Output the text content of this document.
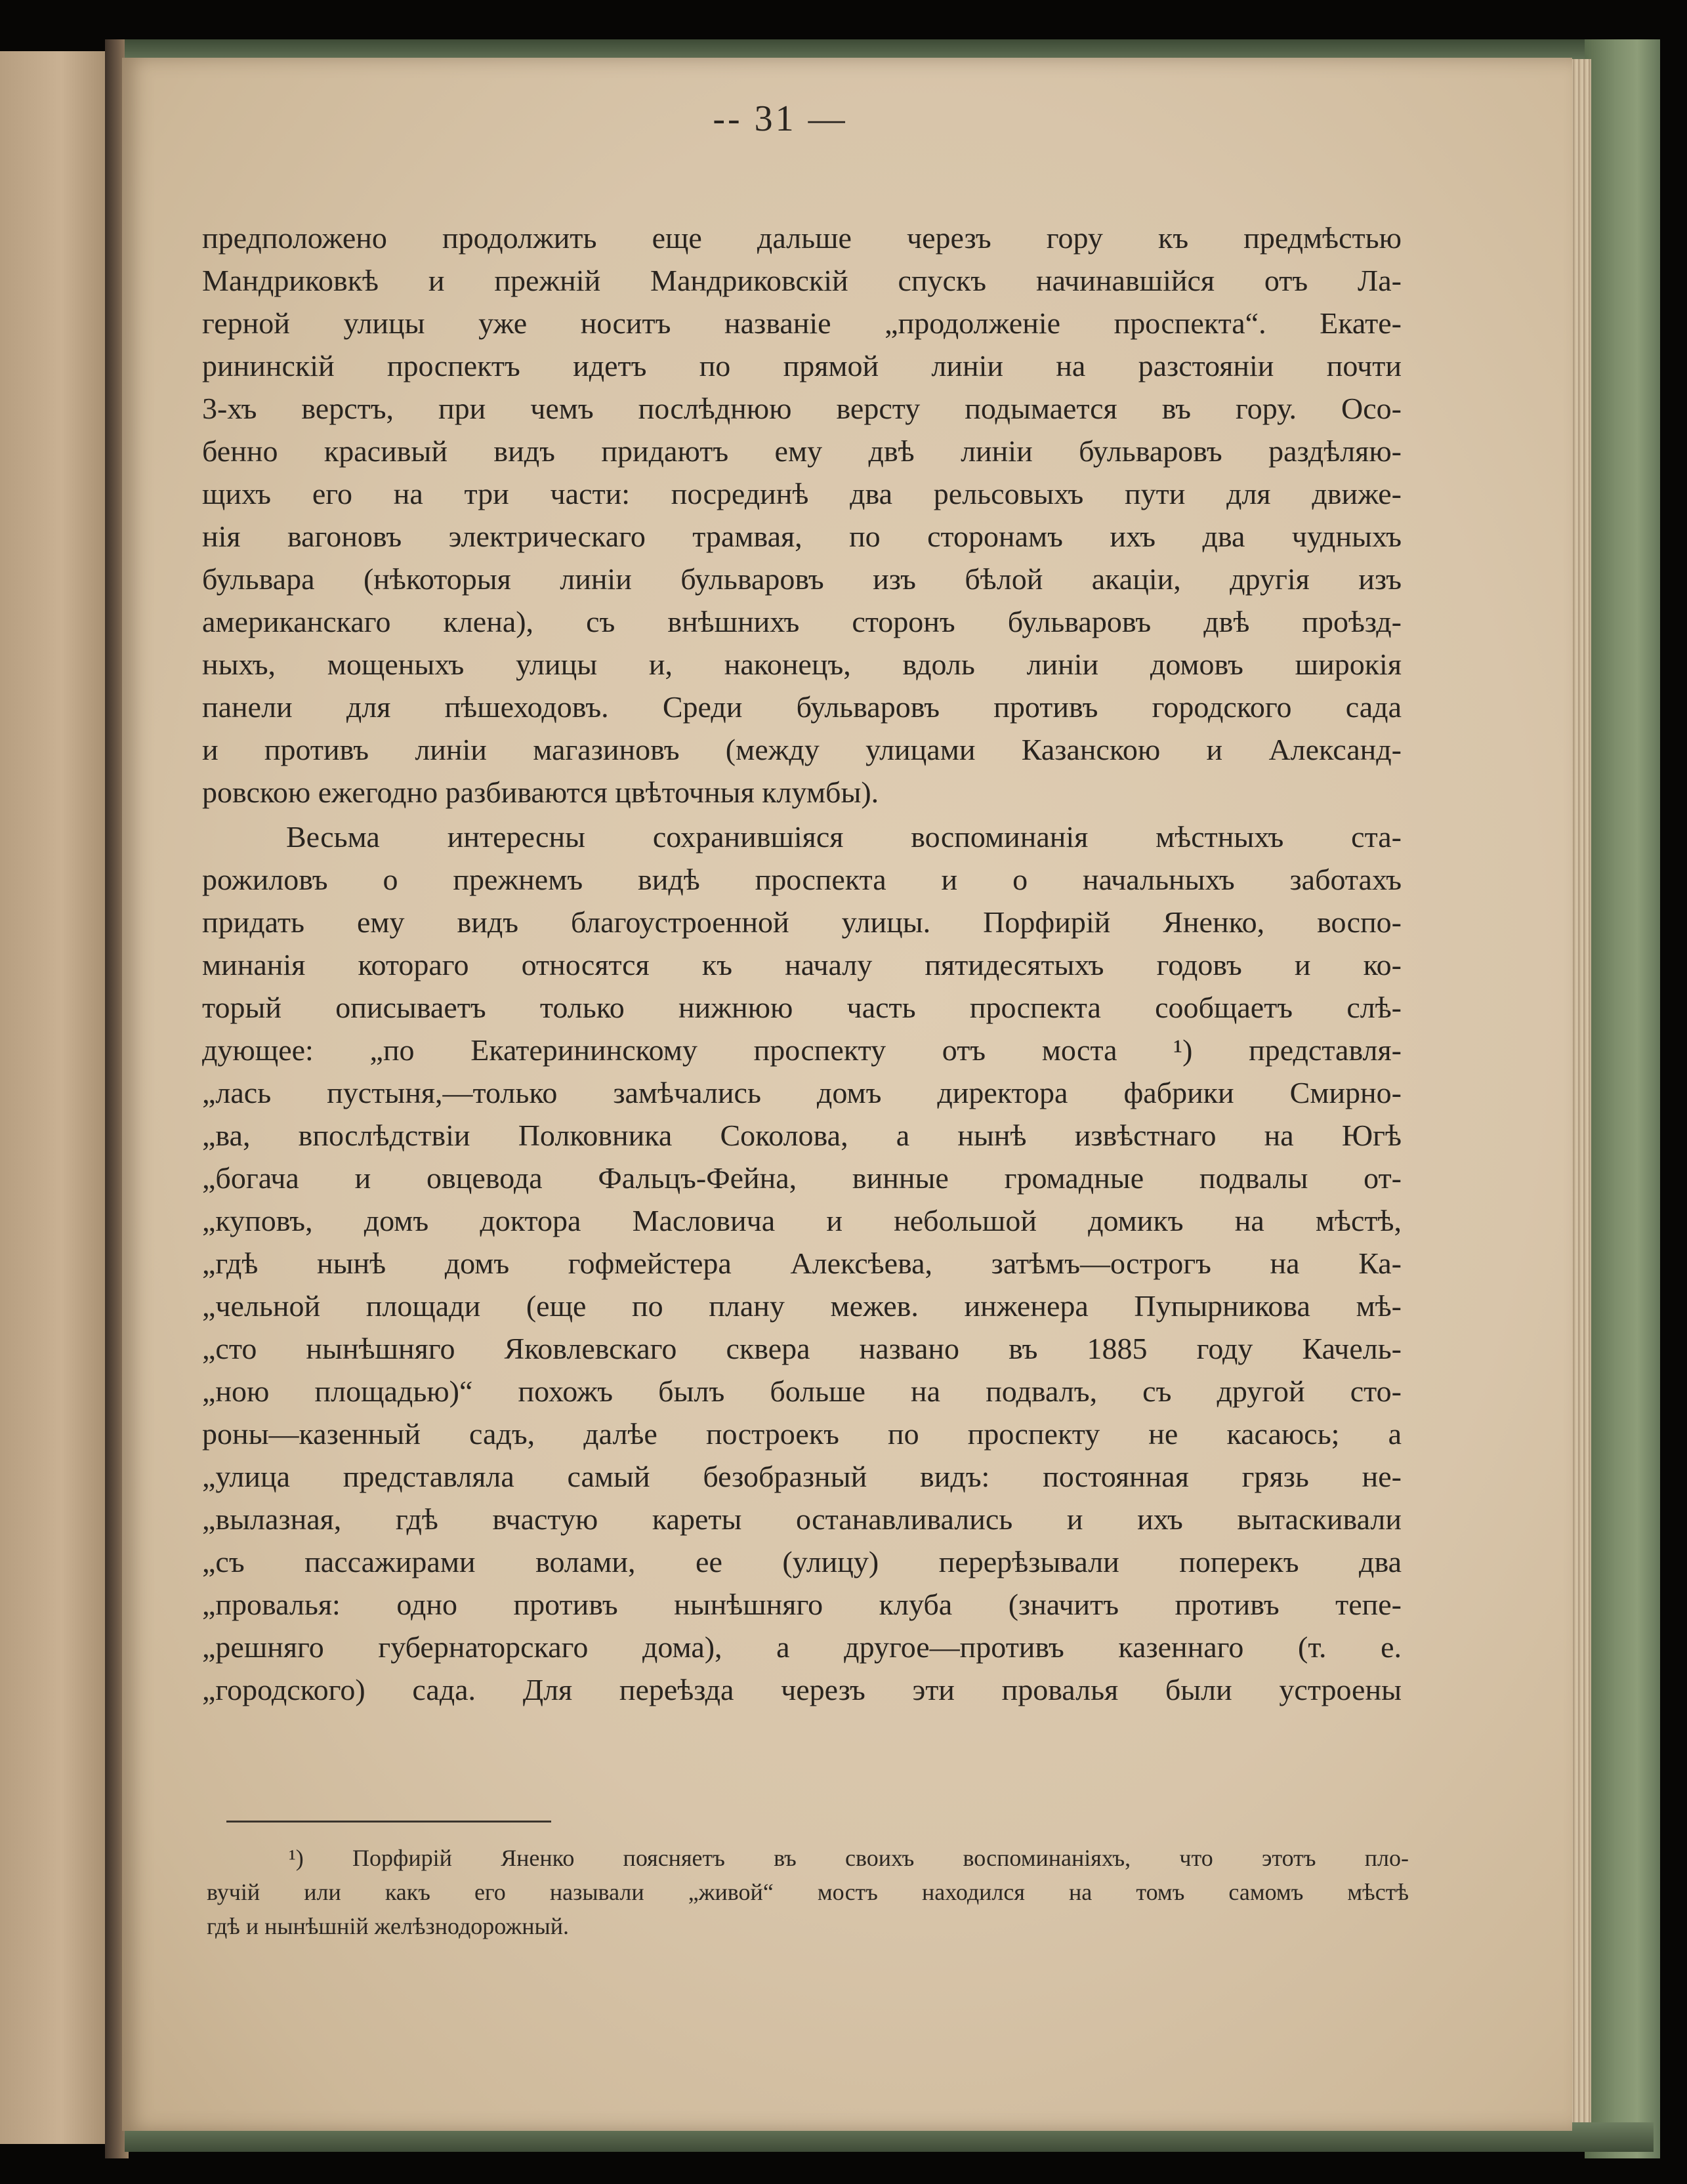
-- 31 —
предположено продолжить еще дальше черезъ гору къ предмѣстью
Мандриковкѣ и прежній Мандриковскій спускъ начинавшійся отъ Ла-
герной улицы уже носитъ названіе „продолженіе проспекта“. Екате-
рининскій проспектъ идетъ по прямой линіи на разстояніи почти
3-хъ верстъ, при чемъ послѣднюю версту подымается въ гору. Осо-
бенно красивый видъ придаютъ ему двѣ линіи бульваровъ раздѣляю-
щихъ его на три части: посрединѣ два рельсовыхъ пути для движе-
нія вагоновъ электрическаго трамвая, по сторонамъ ихъ два чудныхъ
бульвара (нѣкоторыя линіи бульваровъ изъ бѣлой акаціи, другія изъ
американскаго клена), съ внѣшнихъ сторонъ бульваровъ двѣ проѣзд-
ныхъ, мощеныхъ улицы и, наконецъ, вдоль линіи домовъ широкія
панели для пѣшеходовъ. Среди бульваровъ противъ городского сада
и противъ линіи магазиновъ (между улицами Казанскою и Александ-
ровскою ежегодно разбиваются цвѣточныя клумбы).
Весьма интересны сохранившіяся воспоминанія мѣстныхъ ста-
рожиловъ о прежнемъ видѣ проспекта и о начальныхъ заботахъ
придать ему видъ благоустроенной улицы. Порфирій Яненко, воспо-
минанія котораго относятся къ началу пятидесятыхъ годовъ и ко-
торый описываетъ только нижнюю часть проспекта сообщаетъ слѣ-
дующее: „по Екатерининскому проспекту отъ моста ¹) представля-
„лась пустыня,—только замѣчались домъ директора фабрики Смирно-
„ва, впослѣдствіи Полковника Соколова, а нынѣ извѣстнаго на Югѣ
„богача и овцевода Фальцъ-Фейна, винные громадные подвалы от-
„куповъ, домъ доктора Масловича и небольшой домикъ на мѣстѣ,
„гдѣ нынѣ домъ гофмейстера Алексѣева, затѣмъ—острогъ на Ка-
„чельной площади (еще по плану межев. инженера Пупырникова мѣ-
„сто нынѣшняго Яковлевскаго сквера названо въ 1885 году Качель-
„ною площадью)“ похожъ былъ больше на подвалъ, съ другой сто-
роны—казенный садъ, далѣе построекъ по проспекту не касаюсь; а
„улица представляла самый безобразный видъ: постоянная грязь не-
„вылазная, гдѣ вчастую кареты останавливались и ихъ вытаскивали
„съ пассажирами волами, ее (улицу) перерѣзывали поперекъ два
„провалья: одно противъ нынѣшняго клуба (значитъ противъ тепе-
„решняго губернаторскаго дома), а другое—противъ казеннаго (т. е.
„городского) сада. Для переѣзда черезъ эти провалья были устроены
¹) Порфирій Яненко поясняетъ въ своихъ воспоминаніяхъ, что этотъ пло-
вучій или какъ его называли „живой“ мостъ находился на томъ самомъ мѣстѣ
гдѣ и нынѣшній желѣзнодорожный.
